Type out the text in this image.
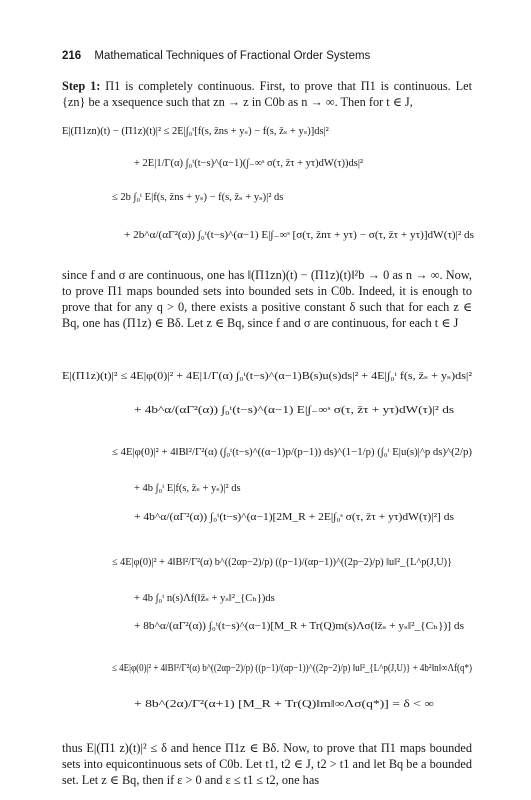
216 Mathematical Techniques of Fractional Order Systems
Step 1: Π1 is completely continuous. First, to prove that Π1 is continuous. Let {zn} be a xsequence such that zn → z in C0b as n → ∞. Then for t ∈ J,
E|(Π1zn)(t) − (Π1z)(t)|² ≤ 2E|∫₀ᵗ[f(s, z̄ns + yₛ) − f(s, z̄ₛ + yₛ)]ds|²
+ 2E|1/Γ(α) ∫₀ᵗ(t−s)^(α−1)(∫₋∞ˢ σ(τ, z̄τ + yτ)dW(τ))ds|²
≤ 2b ∫₀ᵗ E|f(s, z̄ns + yₛ) − f(s, z̄ₛ + yₛ)|² ds
+ 2b^α/(αΓ²(α)) ∫₀ᵗ(t−s)^(α−1) E|∫₋∞ˢ [σ(τ, z̄nτ + yτ) − σ(τ, z̄τ + yτ)]dW(τ)|² ds
since f and σ are continuous, one has ‖(Π1zn)(t) − (Π1z)(t)‖²b → 0 as n → ∞. Now, to prove Π1 maps bounded sets into bounded sets in C0b. Indeed, it is enough to prove that for any q > 0, there exists a positive constant δ such that for each z ∈ Bq, one has (Π1z) ∈ Bδ. Let z ∈ Bq, since f and σ are continuous, for each t ∈ J
E|(Π1z)(t)|² ≤ 4E|φ(0)|² + 4E|1/Γ(α) ∫₀ᵗ(t−s)^(α−1)B(s)u(s)ds|² + 4E|∫₀ᵗ f(s, z̄ₛ + yₛ)ds|²
+ 4b^α/(αΓ²(α)) ∫₀ᵗ(t−s)^(α−1) E|∫₋∞ˢ σ(τ, z̄τ + yτ)dW(τ)|² ds
≤ 4E|φ(0)|² + 4‖B‖²/Γ²(α) (∫₀ᵗ(t−s)^((α−1)p/(p−1)) ds)^(1−1/p) (∫₀ᵗ E|u(s)|^p ds)^(2/p)
+ 4b ∫₀ᵗ E|f(s, z̄ₛ + yₛ)|² ds
+ 4b^α/(αΓ²(α)) ∫₀ᵗ(t−s)^(α−1)[2M_R + 2E|∫₀ˢ σ(τ, z̄τ + yτ)dW(τ)|²] ds
≤ 4E|φ(0)|² + 4‖B‖²/Γ²(α) b^((2αp−2)/p) ((p−1)/(αp−1))^((2p−2)/p) ‖u‖²_{L^p(J,U)}
+ 4b ∫₀ᵗ n(s)Λf(‖z̄ₛ + yₛ‖²_{Cₕ})ds
+ 8b^α/(αΓ²(α)) ∫₀ᵗ(t−s)^(α−1)[M_R + Tr(Q)m(s)Λσ(‖z̄ₛ + yₛ‖²_{Cₕ})] ds
≤ 4E|φ(0)|² + 4‖B‖²/Γ²(α) b^((2αp−2)/p) ((p−1)/(αp−1))^((2p−2)/p) ‖u‖²_{L^p(J,U)} + 4b²‖n‖∞Λf(q*)
+ 8b^(2α)/Γ²(α+1) [M_R + Tr(Q)‖m‖∞Λσ(q*)] = δ < ∞
thus E|(Π1 z)(t)|² ≤ δ and hence Π1z ∈ Bδ. Now, to prove that Π1 maps bounded sets into equicontinuous sets of C0b. Let t1, t2 ∈ J, t2 > t1 and let Bq be a bounded set. Let z ∈ Bq, then if ε > 0 and ε ≤ t1 ≤ t2, one has
